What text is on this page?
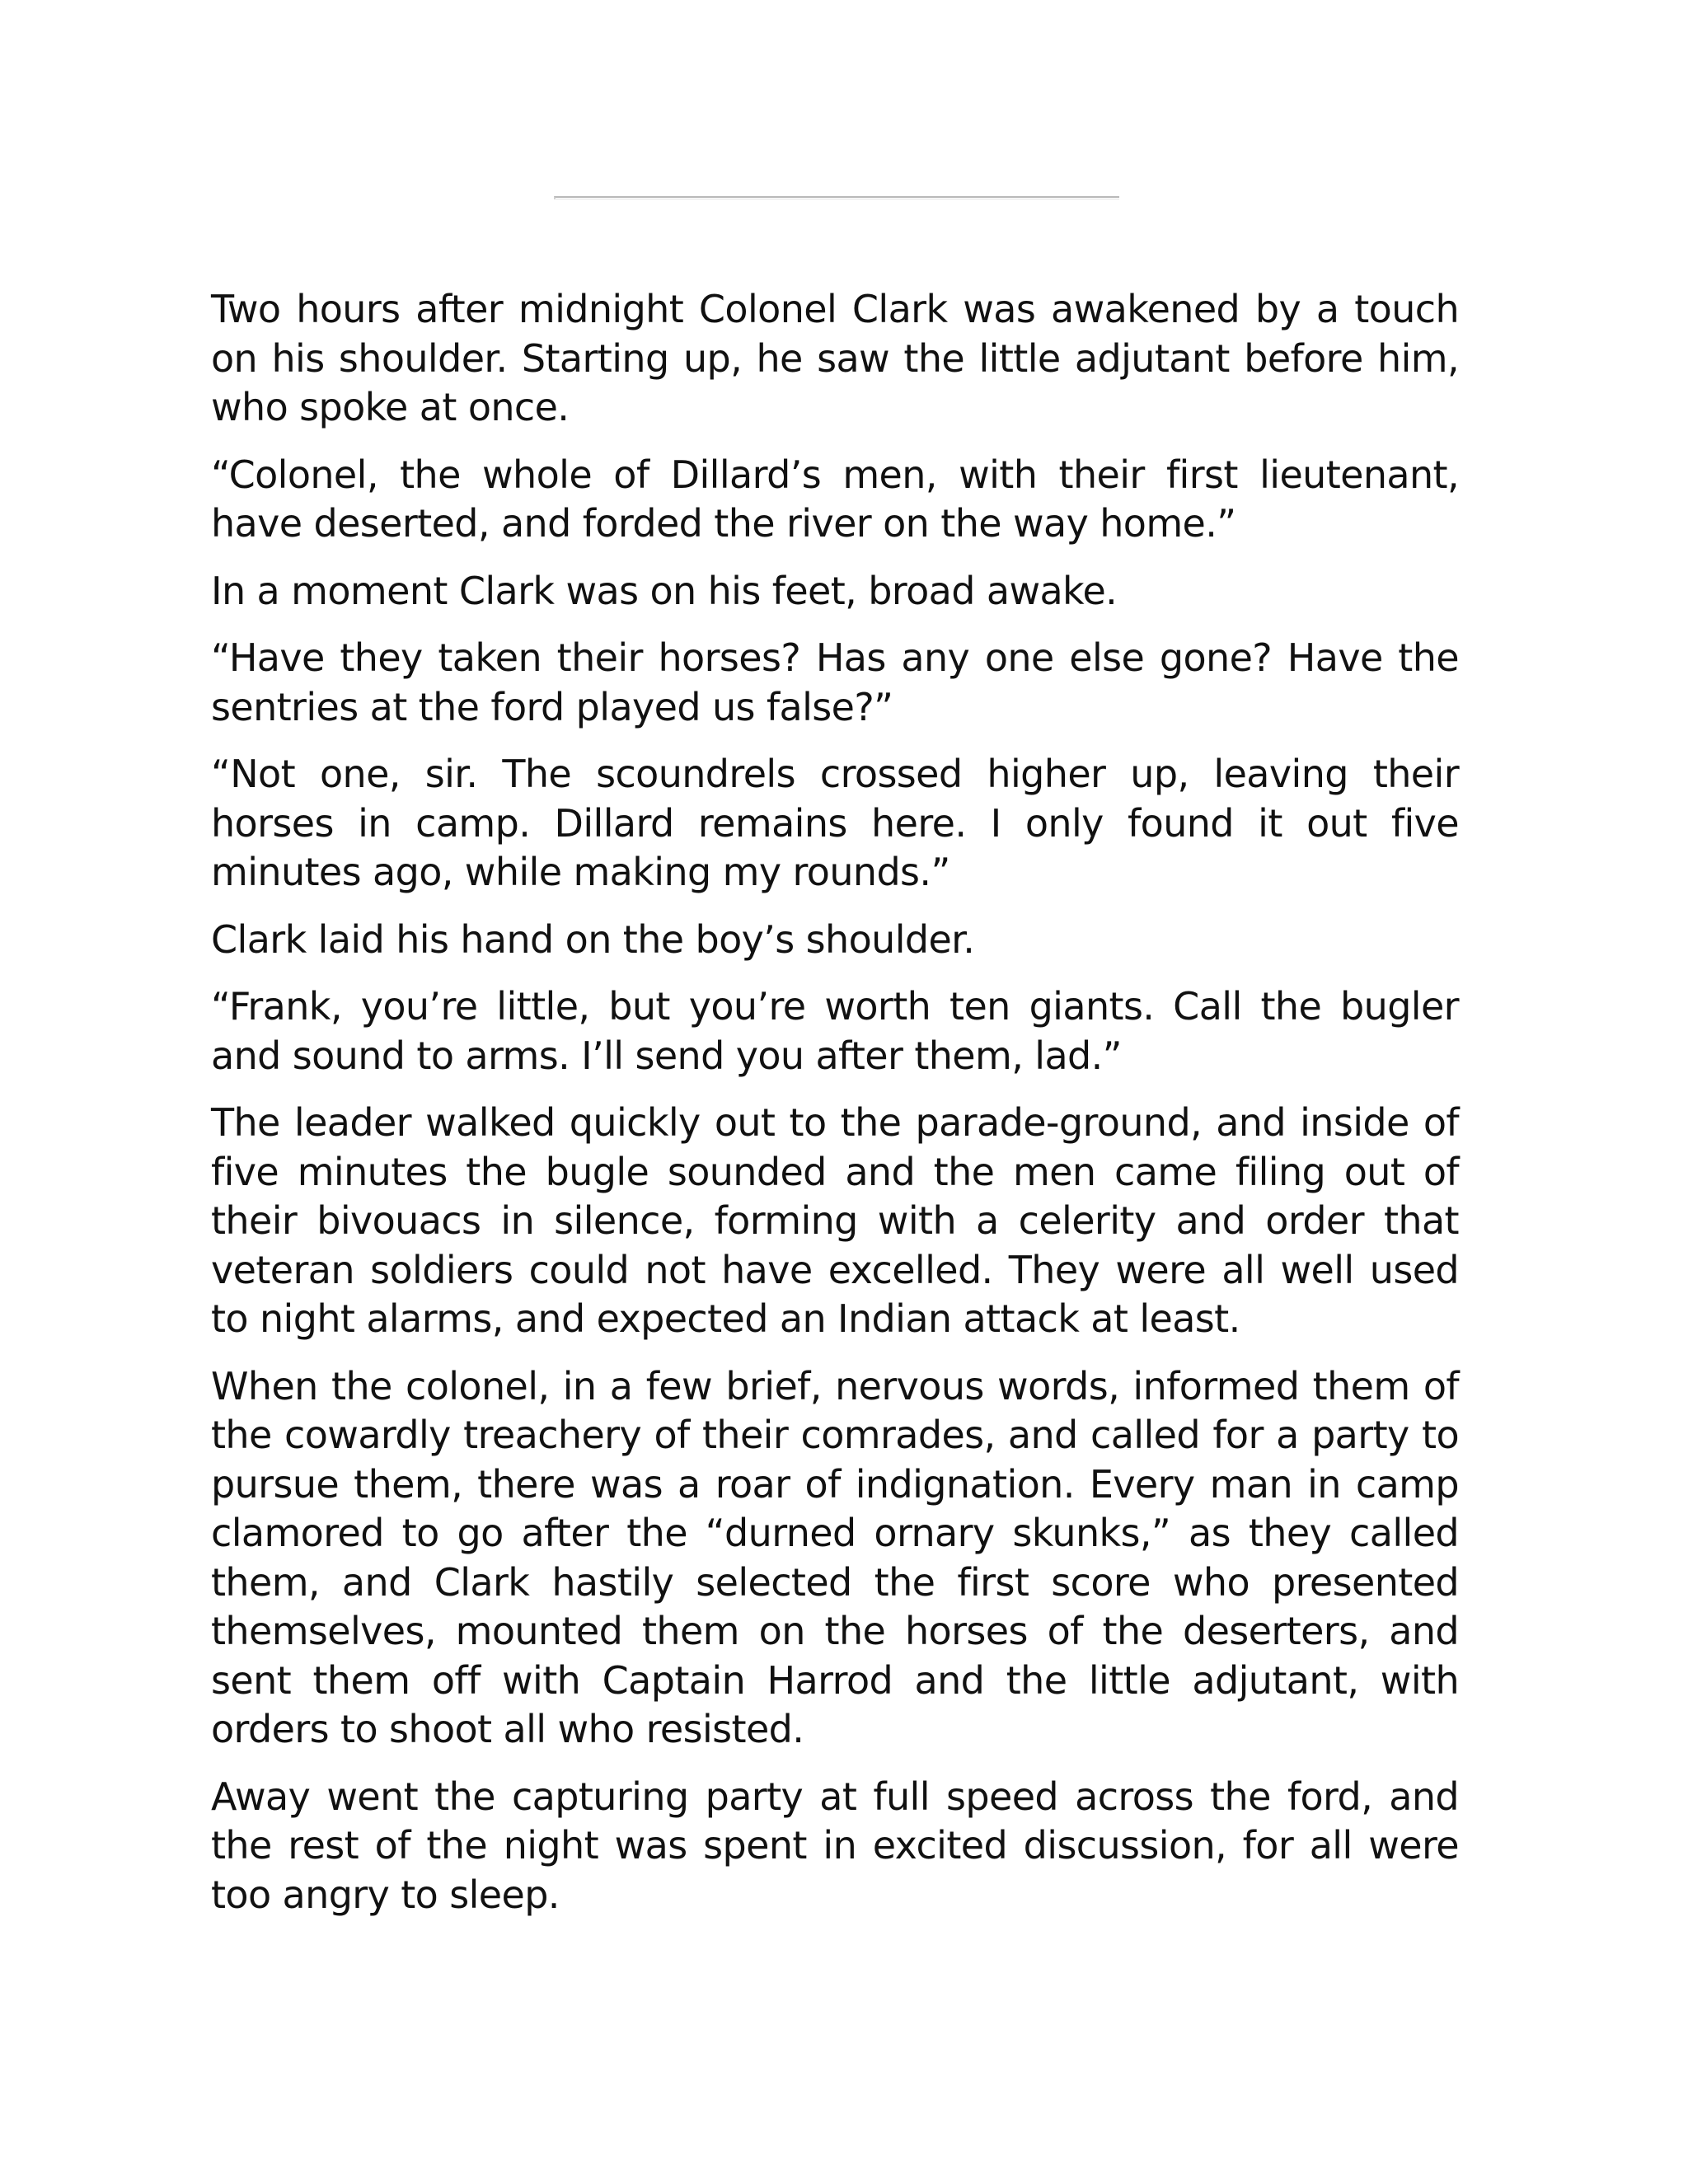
Two hours after midnight Colonel Clark was awakened by a touch on his shoulder. Starting up, he saw the little adjutant before him, who spoke at once.

“Colonel, the whole of Dillard’s men, with their first lieutenant, have deserted, and forded the river on the way home.”

In a moment Clark was on his feet, broad awake.

“Have they taken their horses? Has any one else gone? Have the sentries at the ford played us false?”

“Not one, sir. The scoundrels crossed higher up, leaving their horses in camp. Dillard remains here. I only found it out five minutes ago, while making my rounds.”

Clark laid his hand on the boy’s shoulder.

“Frank, you’re little, but you’re worth ten giants. Call the bugler and sound to arms. I’ll send you after them, lad.”

The leader walked quickly out to the parade-ground, and inside of five minutes the bugle sounded and the men came filing out of their bivouacs in silence, forming with a celerity and order that veteran soldiers could not have excelled. They were all well used to night alarms, and expected an Indian attack at least.

When the colonel, in a few brief, nervous words, informed them of the cowardly treachery of their comrades, and called for a party to pursue them, there was a roar of indignation. Every man in camp clamored to go after the “durned ornary skunks,” as they called them, and Clark hastily selected the first score who presented themselves, mounted them on the horses of the deserters, and sent them off with Captain Harrod and the little adjutant, with orders to shoot all who resisted.

Away went the capturing party at full speed across the ford, and the rest of the night was spent in excited discussion, for all were too angry to sleep.
